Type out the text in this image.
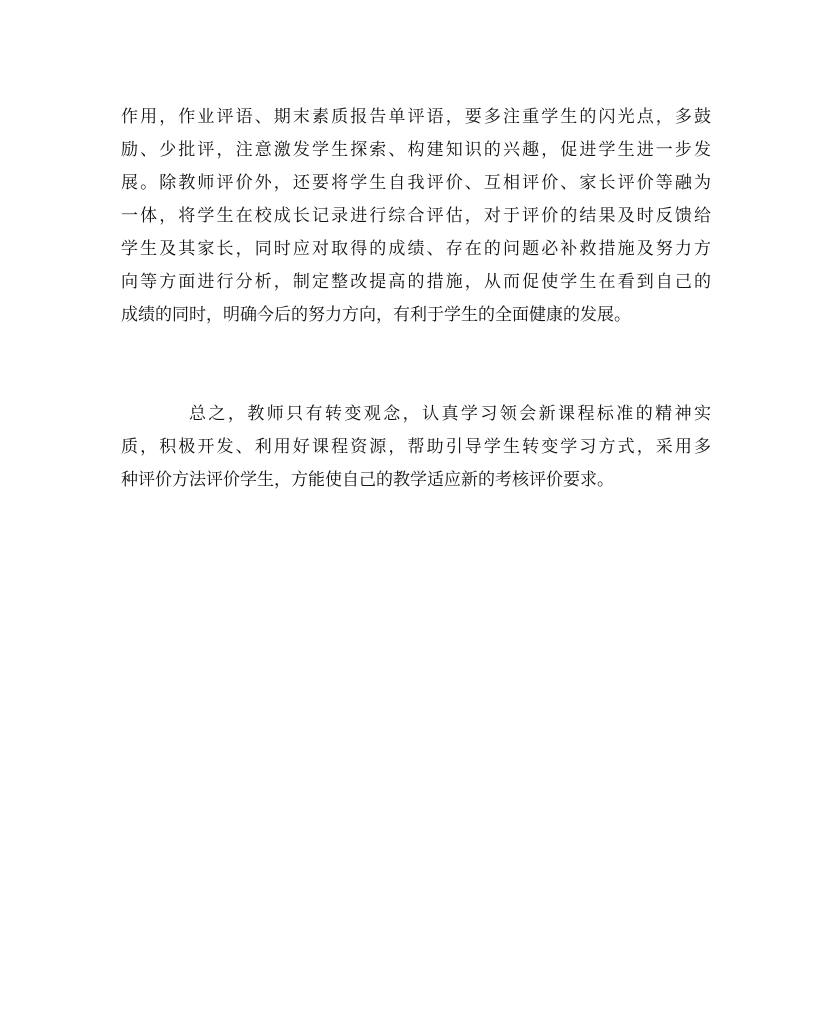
作用，作业评语、期末素质报告单评语，要多注重学生的闪光点，多鼓
励、少批评，注意激发学生探索、构建知识的兴趣，促进学生进一步发
展。除教师评价外，还要将学生自我评价、互相评价、家长评价等融为
一体，将学生在校成长记录进行综合评估，对于评价的结果及时反馈给
学生及其家长，同时应对取得的成绩、存在的问题必补救措施及努力方
向等方面进行分析，制定整改提高的措施，从而促使学生在看到自己的
成绩的同时，明确今后的努力方向，有利于学生的全面健康的发展。
总之，教师只有转变观念，认真学习领会新课程标准的精神实
质，积极开发、利用好课程资源，帮助引导学生转变学习方式，采用多
种评价方法评价学生，方能使自己的教学适应新的考核评价要求。
